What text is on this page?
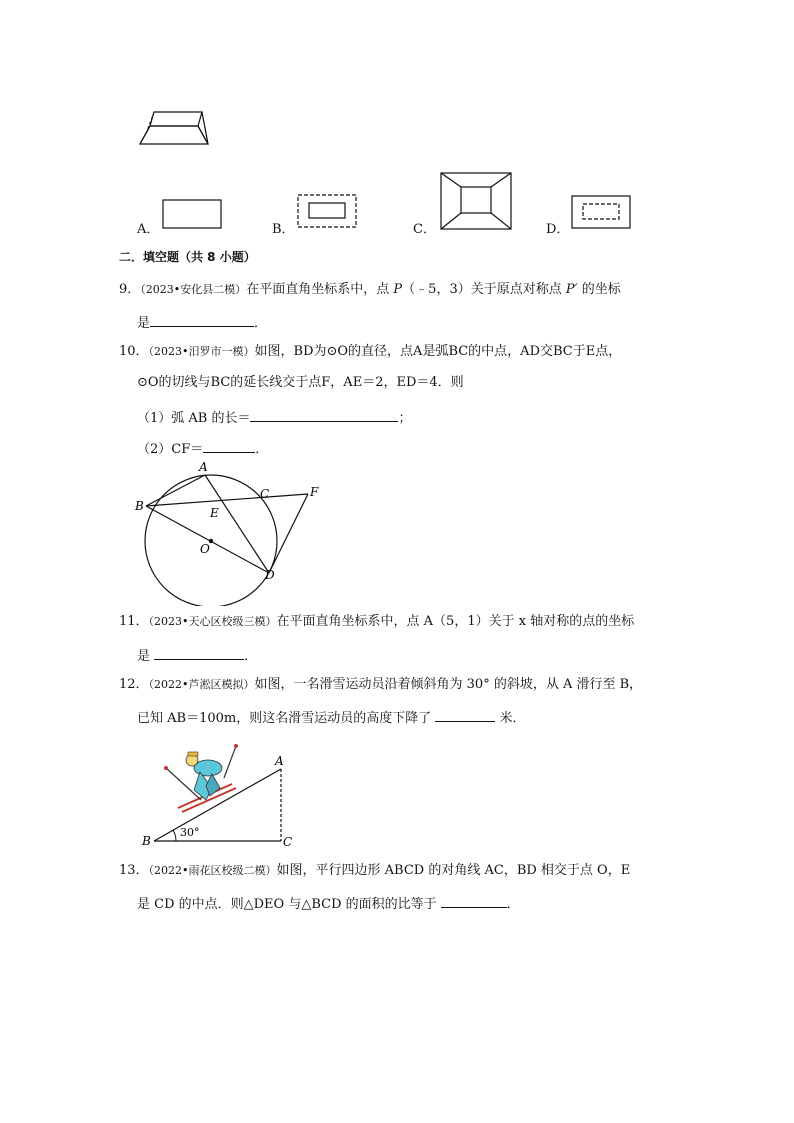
A．	B．	C．	D．
二．填空题（共 8 小题）
9．（2023•安化县二模）在平面直角坐标系中，点 P（﹣5，3）关于原点对称点 P′ 的坐标
是	．
10．（2023•汨罗市一模）如图，BD为⊙O的直径，点A是弧BC的中点，AD交BC于E点，
⊙O的切线与BC的延长线交于点F，AE＝2，ED＝4．则
（1）弧 AB 的长＝	；
（2）CF＝	．
A
B
C	F
E
O
D
11．（2023•天心区校级三模）在平面直角坐标系中，点 A（5，1）关于 x 轴对称的点的坐标
是	．
12．（2022•芦淞区模拟）如图，一名滑雪运动员沿着倾斜角为 30° 的斜坡，从 A 滑行至 B，
已知 AB＝100m，则这名滑雪运动员的高度下降了	米．
A
B	C
30°
13．（2022•雨花区校级二模）如图，平行四边形 ABCD 的对角线 AC，BD 相交于点 O，E
是 CD 的中点．则△DEO 与△BCD 的面积的比等于	．
